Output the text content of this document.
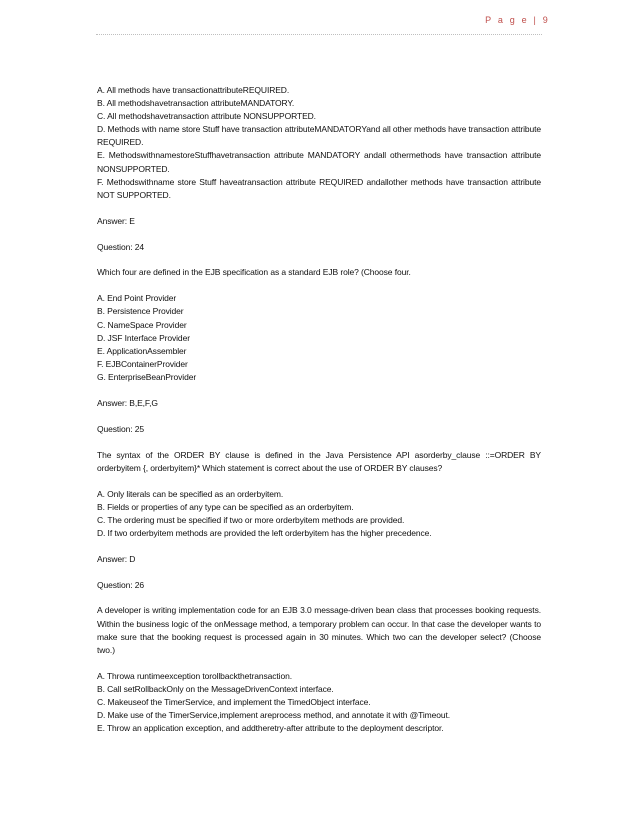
P a g e | 9

A. All methods have transactionattributeREQUIRED.

B. All methodshavetransaction attributeMANDATORY.

C. All methodshavetransaction attribute NONSUPPORTED.

D. Methods with name store Stuff have transaction attributeMANDATORYand all other methods have transaction attribute REQUIRED.

E. MethodswithnamestoreStuffhavetransaction attribute MANDATORY andall othermethods have transaction attribute NONSUPPORTED.

F. Methodswithname store Stuff haveatransaction attribute REQUIRED andallother methods have transaction attribute NOT SUPPORTED.

Answer: E

Question: 24

Which four are defined in the EJB specification as a standard EJB role? (Choose four.

A. End Point Provider

B. Persistence Provider

C. NameSpace Provider

D. JSF Interface Provider

E. ApplicationAssembler

F. EJBContainerProvider

G. EnterpriseBeanProvider

Answer: B,E,F,G

Question: 25

The syntax of the ORDER BY clause is defined in the Java Persistence API asorderby_clause ::=ORDER BY orderbyitem {, orderbyitem}* Which statement is correct about the use of ORDER BY clauses?

A. Only literals can be specified as an orderbyitem.

B. Fields or properties of any type can be specified as an orderbyitem.

C. The ordering must be specified if two or more orderbyitem methods are provided.

D. If two orderbyitem methods are provided the left orderbyitem has the higher precedence.

Answer: D

Question: 26

A developer is writing implementation code for an EJB 3.0 message-driven bean class that processes booking requests. Within the business logic of the onMessage method, a temporary problem can occur. In that case the developer wants to make sure that the booking request is processed again in 30 minutes. Which two can the developer select? (Choose two.)

A. Throwa runtimeexception torollbackthetransaction.

B. Call setRollbackOnly on the MessageDrivenContext interface.

C. Makeuseof the TimerService, and implement the TimedObject interface.

D. Make use of the TimerService,implement areprocess method, and annotate it with @Timeout.

E. Throw an application exception, and addtheretry-after attribute to the deployment descriptor.
